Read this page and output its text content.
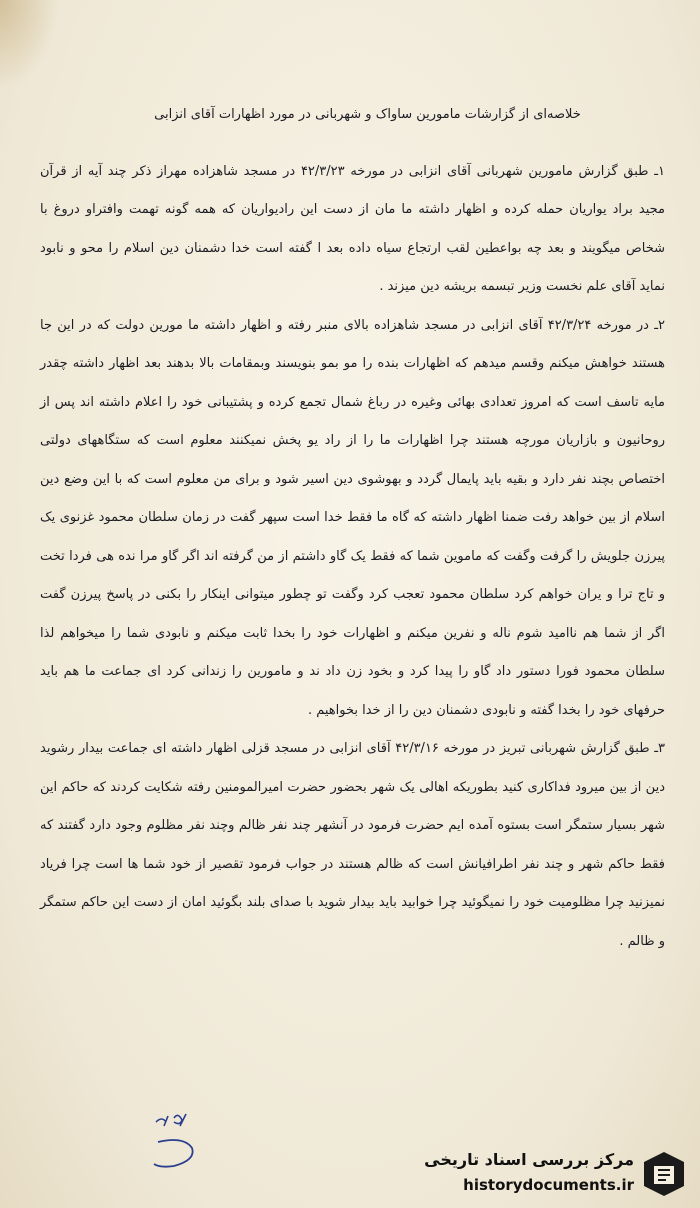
خلاصه‌ای از گزارشات مامورین ساواک و شهربانی در مورد اظهارات آقای انزابی

۱ـ طبق گزارش مامورین شهربانی آقای انزابی در مورخه ۴۲/۳/۲۳ در مسجد شاهزاده مهراز ذکر چند آیه از قرآن مجید براد یواریان حمله کرده و اظهار داشته ما مان از دست این رادیواریان که همه گونه تهمت وافتراو دروغ با شخاص میگویند و بعد چه بواعطین لقب ارتجاع سیاه داده بعد ا گفته است خدا دشمنان دین اسلام را محو و نابود نماید آقای علم نخست وزیر تبسمه بریشه دین میزند .

۲ـ در مورخه ۴۲/۳/۲۴ آقای انزابی در مسجد شاهزاده بالای منبر رفته و اظهار داشته ما مورین دولت که در این جا هستند خواهش میکنم وقسم میدهم که اظهارات بنده را مو بمو بنویسند وبمقامات بالا بدهند بعد اظهار داشته چقدر مایه تاسف است که امروز تعدادی بهائی وغیره در رباغ شمال تجمع کرده و پشتیبانی خود را اعلام داشته اند پس از روحانیون و بازاریان مورچه هستند چرا اظهارات ما را از راد یو پخش نمیکنند معلوم است که ستگاههای دولتی اختصاص بچند نفر دارد و بقیه باید پایمال گردد و بهوشوی دین اسیر شود و برای من معلوم است که با این وضع دین اسلام از بین خواهد رفت ضمنا اظهار داشته که گاه ما فقط خدا است سپهر گفت در زمان سلطان محمود غزنوی یک پیرزن جلویش را گرفت وگفت که ماموین شما که فقط یک گاو داشتم از من گرفته اند اگر گاو مرا نده هی فردا تخت و تاج ترا و یران خواهم کرد سلطان محمود تعجب کرد وگفت تو چطور میتوانی اینکار را بکنی در پاسخ پیرزن گفت اگر از شما هم ناامید شوم ناله و نفرین میکنم و اظهارات خود را بخدا ثابت میکنم و نابودی شما را میخواهم لذا سلطان محمود فورا دستور داد گاو را پیدا کرد و بخود زن داد ند و مامورین را زندانی کرد ای جماعت ما هم باید حرفهای خود را بخدا گفته و نابودی دشمنان دین را از خدا بخواهیم .

۳ـ طبق گزارش شهربانی تبریز در مورخه ۴۲/۳/۱۶ آقای انزابی در مسجد قزلی اظهار داشته ای جماعت بیدار رشوید دین از بین میرود فداکاری کنید بطوریکه اهالی یک شهر بحضور حضرت امیرالمومنین رفته شکایت کردند که حاکم این شهر بسیار ستمگر است بستوه آمده ایم حضرت فرمود در آنشهر چند نفر ظالم وچند نفر مظلوم وجود دارد گفتند که فقط حاکم شهر و چند نفر اطرافیانش است که ظالم هستند در جواب فرمود تقصیر از خود شما ها است چرا فریاد نمیزنید چرا مظلومیت خود را نمیگوئید چرا خوابید باید بیدار شوید با صدای بلند بگوئید امان از دست این حاکم ستمگر و ظالم .

مرکز بررسی اسناد تاریخی
historydocuments.ir
